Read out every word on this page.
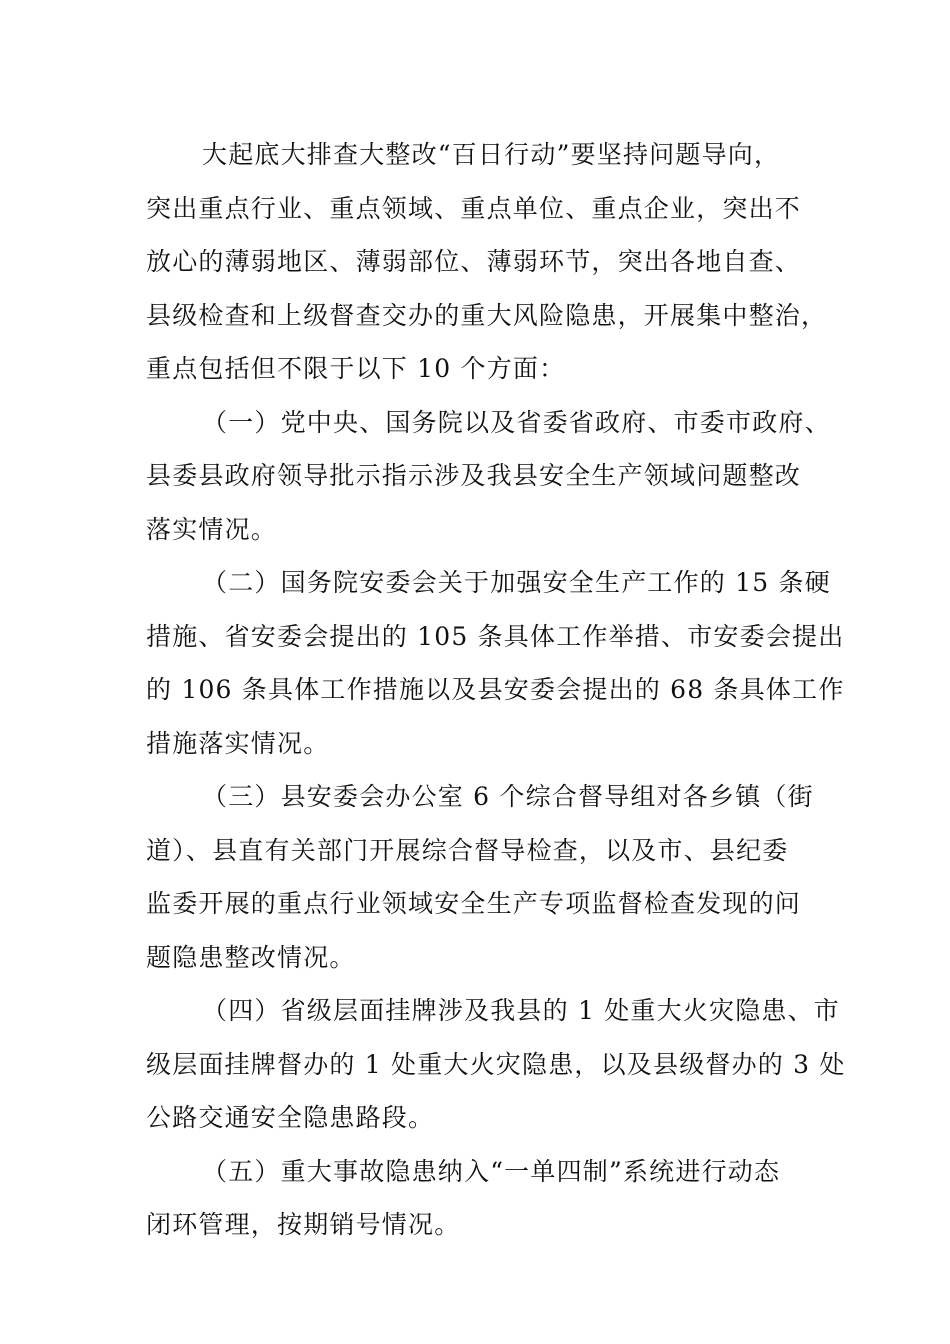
大起底大排查大整改“百日行动”要坚持问题导向，
突出重点行业、重点领域、重点单位、重点企业，突出不
放心的薄弱地区、薄弱部位、薄弱环节，突出各地自查、
县级检查和上级督查交办的重大风险隐患，开展集中整治，
重点包括但不限于以下 10 个方面：
（一）党中央、国务院以及省委省政府、市委市政府、
县委县政府领导批示指示涉及我县安全生产领域问题整改
落实情况。
（二）国务院安委会关于加强安全生产工作的 15 条硬
措施、省安委会提出的 105 条具体工作举措、市安委会提出
的 106 条具体工作措施以及县安委会提出的 68 条具体工作
措施落实情况。
（三）县安委会办公室 6 个综合督导组对各乡镇（街
道）、县直有关部门开展综合督导检查，以及市、县纪委
监委开展的重点行业领域安全生产专项监督检查发现的问
题隐患整改情况。
（四）省级层面挂牌涉及我县的 1 处重大火灾隐患、市
级层面挂牌督办的 1 处重大火灾隐患，以及县级督办的 3 处
公路交通安全隐患路段。
（五）重大事故隐患纳入“一单四制”系统进行动态
闭环管理，按期销号情况。
